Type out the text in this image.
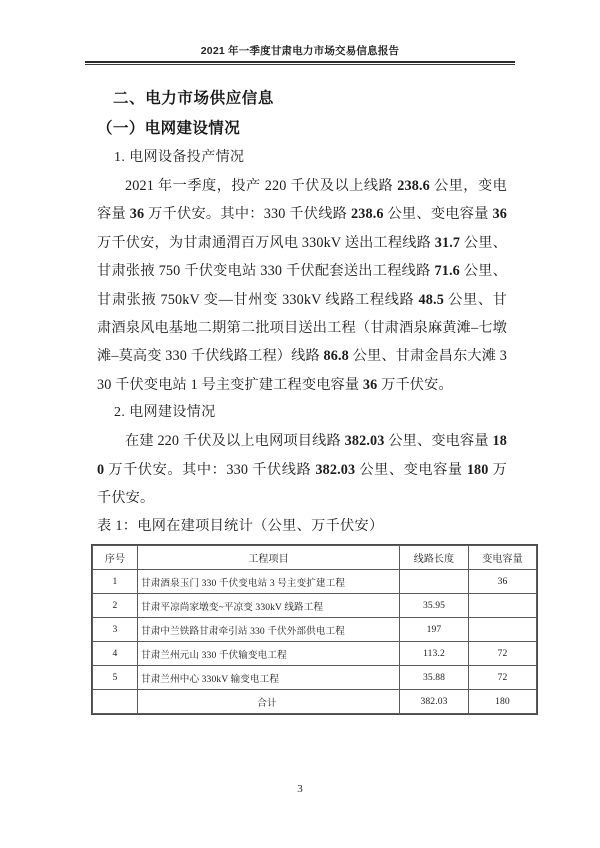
2021 年一季度甘肃电力市场交易信息报告
二、电力市场供应信息
（一）电网建设情况
1. 电网设备投产情况
2021 年一季度，投产 220 千伏及以上线路 238.6 公里，变电容量 36 万千伏安。其中：330 千伏线路 238.6 公里、变电容量 36 万千伏安，为甘肃通渭百万风电 330kV 送出工程线路 31.7 公里、甘肃张掖 750 千伏变电站 330 千伏配套送出工程线路 71.6 公里、甘肃张掖 750kV 变—甘州变 330kV 线路工程线路 48.5 公里、甘肃酒泉风电基地二期第二批项目送出工程（甘肃酒泉麻黄滩–七墩滩–莫高变 330 千伏线路工程）线路 86.8 公里、甘肃金昌东大滩 330 千伏变电站 1 号主变扩建工程变电容量 36 万千伏安。
2. 电网建设情况
在建 220 千伏及以上电网项目线路 382.03 公里、变电容量 180 万千伏安。其中：330 千伏线路 382.03 公里、变电容量 180 万千伏安。
表 1：电网在建项目统计（公里、万千伏安）
序号	工程项目	线路长度	变电容量
1	甘肃酒泉玉门 330 千伏变电站 3 号主变扩建工程		36
2	甘肃平凉尚家墩变~平凉变 330kV 线路工程	35.95	
3	甘肃中兰铁路甘肃牵引站 330 千伏外部供电工程	197	
4	甘肃兰州元山 330 千伏输变电工程	113.2	72
5	甘肃兰州中心 330kV 输变电工程	35.88	72
	合计	382.03	180
3
